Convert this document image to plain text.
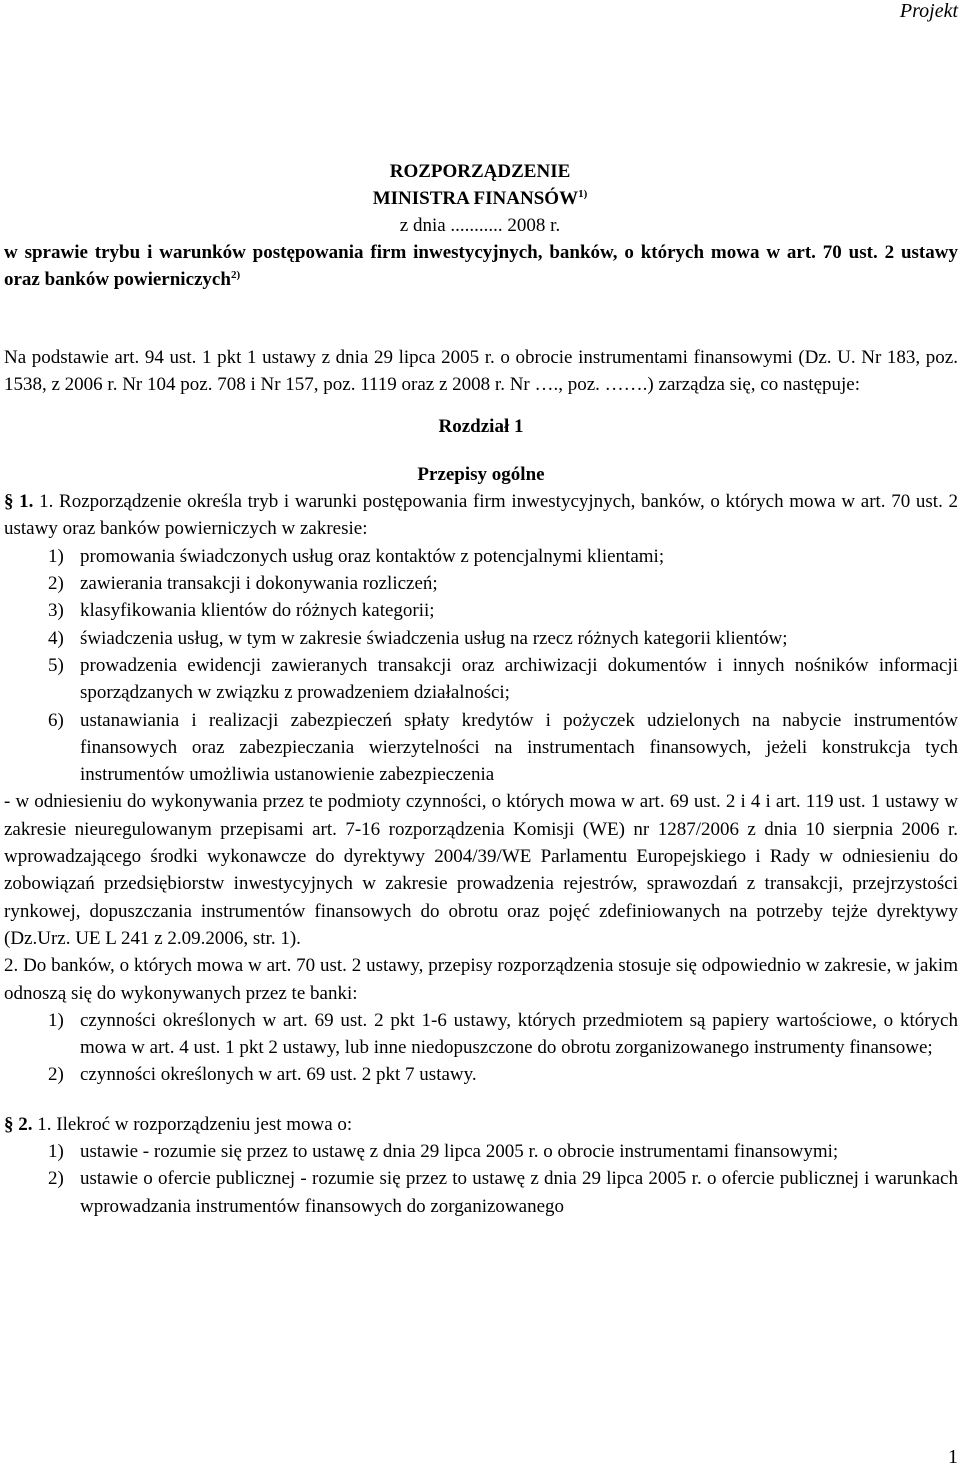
Projekt
ROZPORZĄDZENIE
MINISTRA FINANSÓW$^{1)}$
z dnia ........... 2008 r.
w sprawie trybu i warunków postępowania firm inwestycyjnych, banków, o których mowa w art. 70 ust. 2 ustawy oraz banków powierniczych$^{2)}$
Na podstawie art. 94 ust. 1 pkt 1 ustawy z dnia 29 lipca 2005 r. o obrocie instrumentami finansowymi (Dz. U. Nr 183, poz. 1538, z 2006 r. Nr 104 poz. 708 i Nr 157, poz. 1119 oraz z 2008 r. Nr …., poz. …….) zarządza się, co następuje:
Rozdział 1
Przepisy ogólne
§ 1. 1. Rozporządzenie określa tryb i warunki postępowania firm inwestycyjnych, banków, o których mowa w art. 70 ust. 2 ustawy oraz banków powierniczych w zakresie:
1) promowania świadczonych usług oraz kontaktów z potencjalnymi klientami;
2) zawierania transakcji i dokonywania rozliczeń;
3) klasyfikowania klientów do różnych kategorii;
4) świadczenia usług, w tym w zakresie świadczenia usług na rzecz różnych kategorii klientów;
5) prowadzenia ewidencji zawieranych transakcji oraz archiwizacji dokumentów i innych nośników informacji sporządzanych w związku z prowadzeniem działalności;
6) ustanawiania i realizacji zabezpieczeń spłaty kredytów i pożyczek udzielonych na nabycie instrumentów finansowych oraz zabezpieczania wierzytelności na instrumentach finansowych, jeżeli konstrukcja tych instrumentów umożliwia ustanowienie zabezpieczenia
- w odniesieniu do wykonywania przez te podmioty czynności, o których mowa w art. 69 ust. 2 i 4 i art. 119 ust. 1 ustawy w zakresie nieuregulowanym przepisami art. 7-16 rozporządzenia Komisji (WE) nr 1287/2006 z dnia 10 sierpnia 2006 r. wprowadzającego środki wykonawcze do dyrektywy 2004/39/WE Parlamentu Europejskiego i Rady w odniesieniu do zobowiązań przedsiębiorstw inwestycyjnych w zakresie prowadzenia rejestrów, sprawozdań z transakcji, przejrzystości rynkowej, dopuszczania instrumentów finansowych do obrotu oraz pojęć zdefiniowanych na potrzeby tejże dyrektywy (Dz.Urz. UE L 241 z 2.09.2006, str. 1).
2. Do banków, o których mowa w art. 70 ust. 2 ustawy, przepisy rozporządzenia stosuje się odpowiednio w zakresie, w jakim odnoszą się do wykonywanych przez te banki:
1) czynności określonych w art. 69 ust. 2 pkt 1-6 ustawy, których przedmiotem są papiery wartościowe, o których mowa w art. 4 ust. 1 pkt 2 ustawy, lub inne niedopuszczone do obrotu zorganizowanego instrumenty finansowe;
2) czynności określonych w art. 69 ust. 2 pkt 7 ustawy.
§ 2. 1. Ilekroć w rozporządzeniu jest mowa o:
1) ustawie - rozumie się przez to ustawę z dnia 29 lipca 2005 r. o obrocie instrumentami finansowymi;
2) ustawie o ofercie publicznej - rozumie się przez to ustawę z dnia 29 lipca 2005 r. o ofercie publicznej i warunkach wprowadzania instrumentów finansowych do zorganizowanego
1
